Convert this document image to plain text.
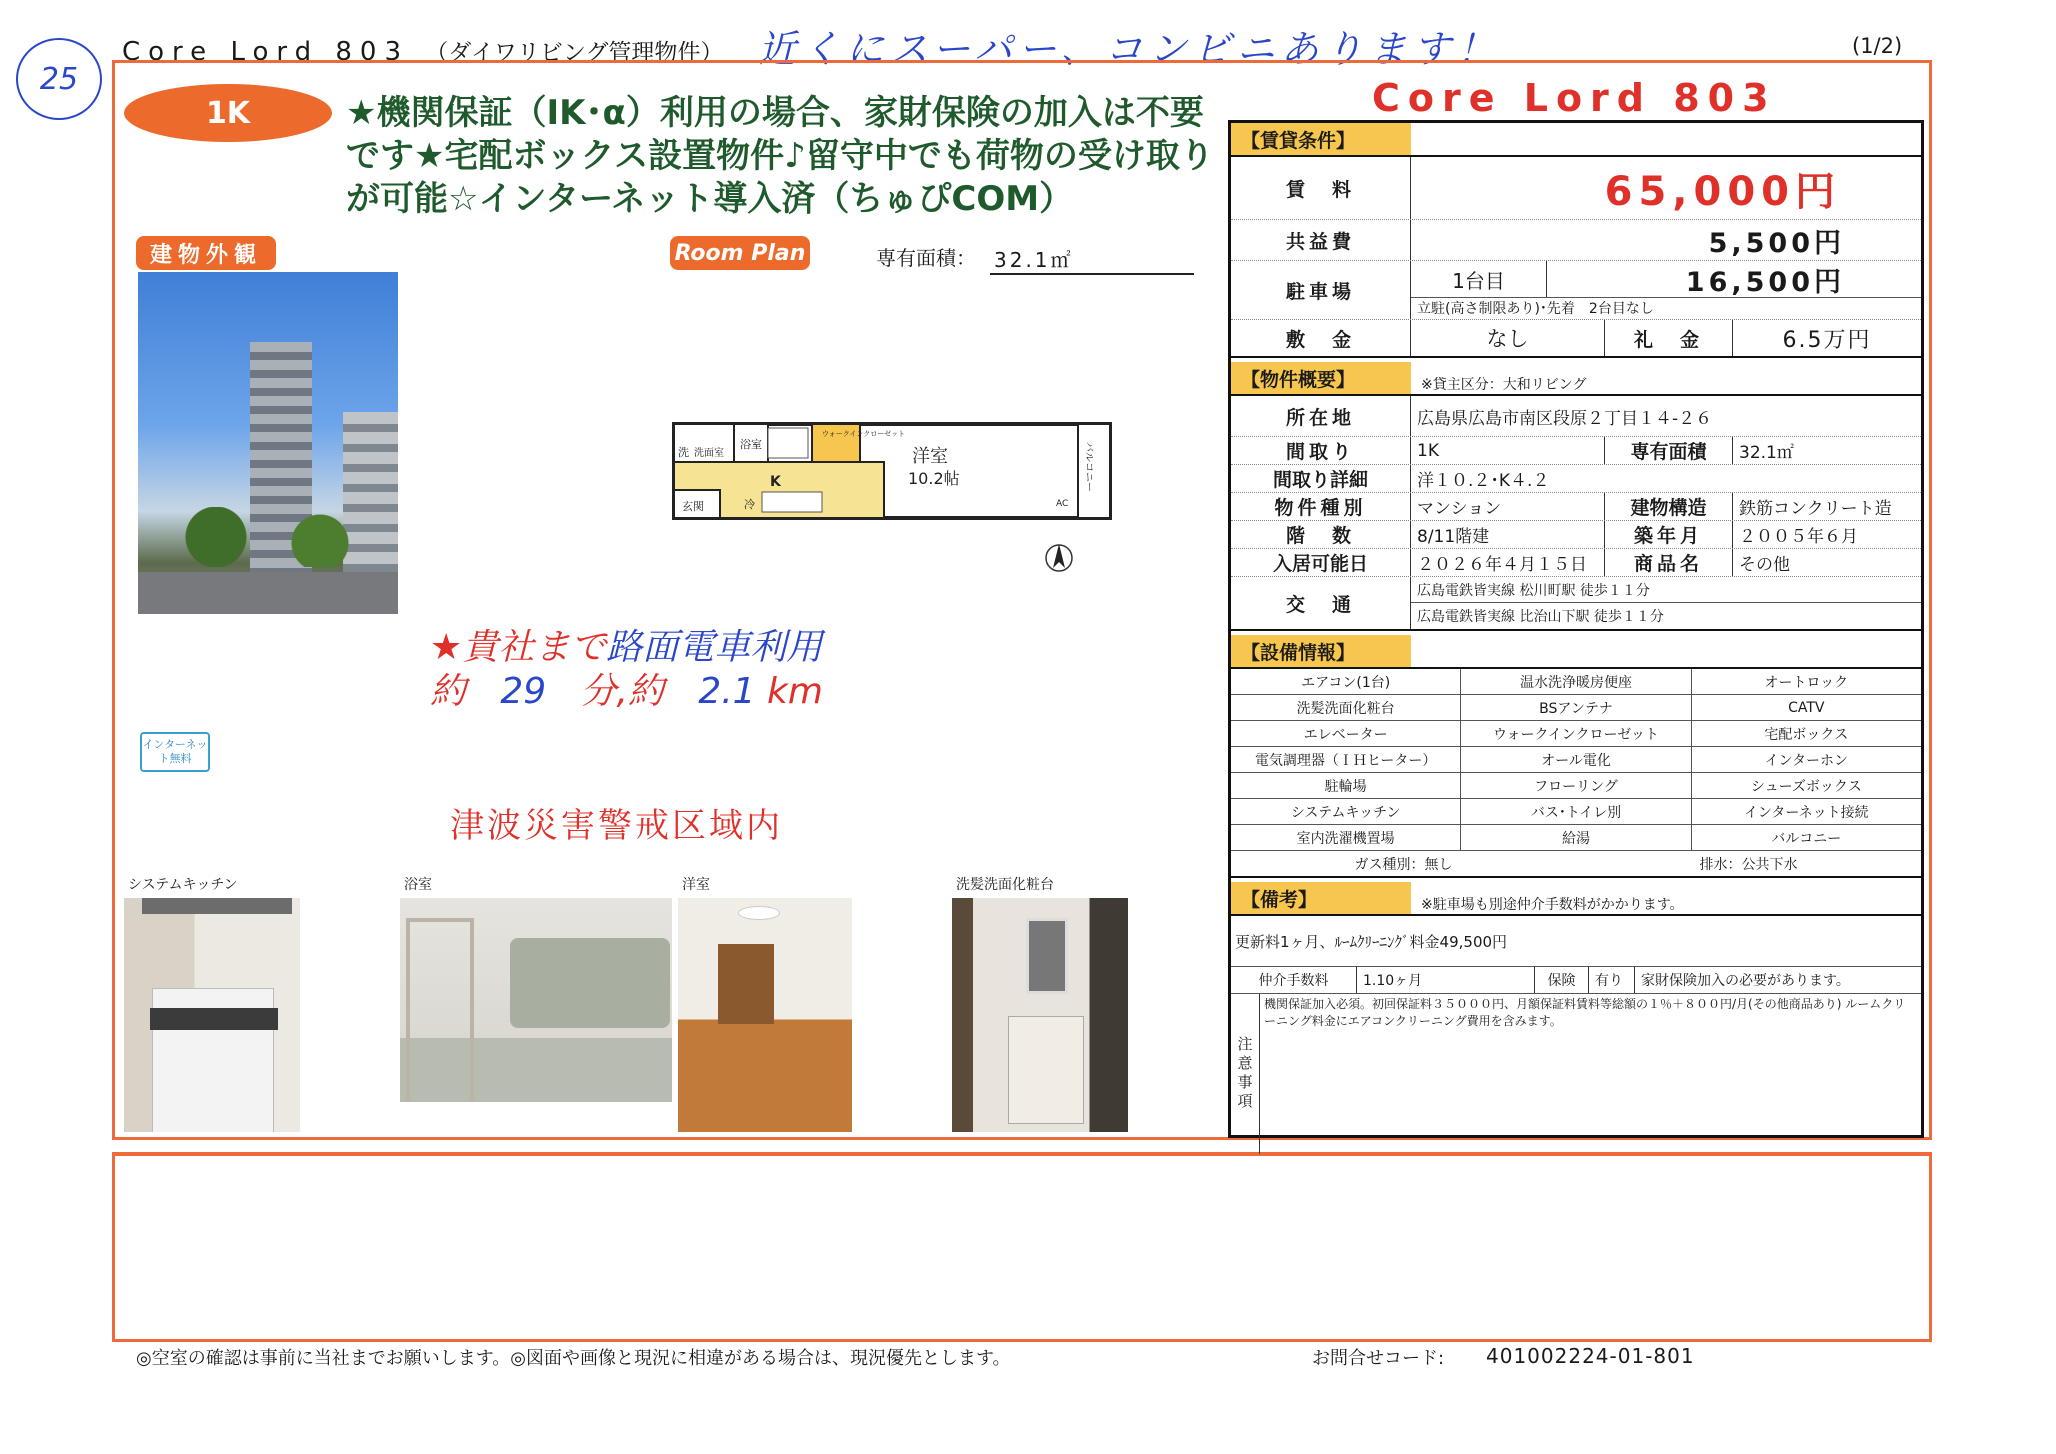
25
Core Lord 803 （ダイワリビング管理物件） 近くにスーパー、コンビニあります！	(1/2)
1K	★機関保証（IK･α）利用の場合、家財保険の加入は不要です★宅配ボックス設置物件♪留守中でも荷物の受け取りが可能☆インターネット導入済（ちゅぴCOM）
建物外観	Room Plan	専有面積： 32.1㎡
洋室
10.2帖
浴室
洗面室
洗
K
玄関	冷	AC
ウォークインクローゼット
バルコニー
★貴社まで路面電車利用
約 29 分,約 2.1 km
インターネット無料
津波災害警戒区域内
システムキッチン	浴室	洋室	洗髪洗面化粧台
Core Lord 803
【賃貸条件】
賃　料	65,000円
共益費	5,500円
駐車場	1台目	16,500円
立駐(高さ制限あり)･先着　2台目なし
敷　金	なし	礼　金	6.5万円
【物件概要】	※貸主区分：大和リビング
所在地	広島県広島市南区段原２丁目１４-２６
間取り	1K	専有面積	32.1㎡
間取り詳細	洋１０.２･K４.２
物件種別	マンション	建物構造	鉄筋コンクリート造
階　数	8/11階建	築年月	２００５年６月
入居可能日	２０２６年４月１５日	商品名	その他
交　通
広島電鉄皆実線 松川町駅 徒歩１１分
広島電鉄皆実線 比治山下駅 徒歩１１分
【設備情報】
エアコン(1台)	温水洗浄暖房便座	オートロック
洗髪洗面化粧台	BSアンテナ	CATV
エレベーター	ウォークインクローゼット	宅配ボックス
電気調理器（ＩＨヒーター）	オール電化	インターホン
駐輪場	フローリング	シューズボックス
システムキッチン	バス･トイレ別	インターネット接続
室内洗濯機置場	給湯	バルコニー
ガス種別：無し	排水：公共下水
【備考】	※駐車場も別途仲介手数料がかかります。
更新料1ヶ月、ﾙｰﾑｸﾘｰﾆﾝｸﾞ料金49,500円
仲介手数料	1.10ヶ月	保険	有り	家財保険加入の必要があります。
注意事項
機関保証加入必須。初回保証料３５０００円、月額保証料賃料等総額の１％＋８００円/月(その他商品あり) ルームクリーニング料金にエアコンクリーニング費用を含みます。
◎空室の確認は事前に当社までお願いします。◎図面や画像と現況に相違がある場合は、現況優先とします。	お問合せコード: 401002224-01-801
